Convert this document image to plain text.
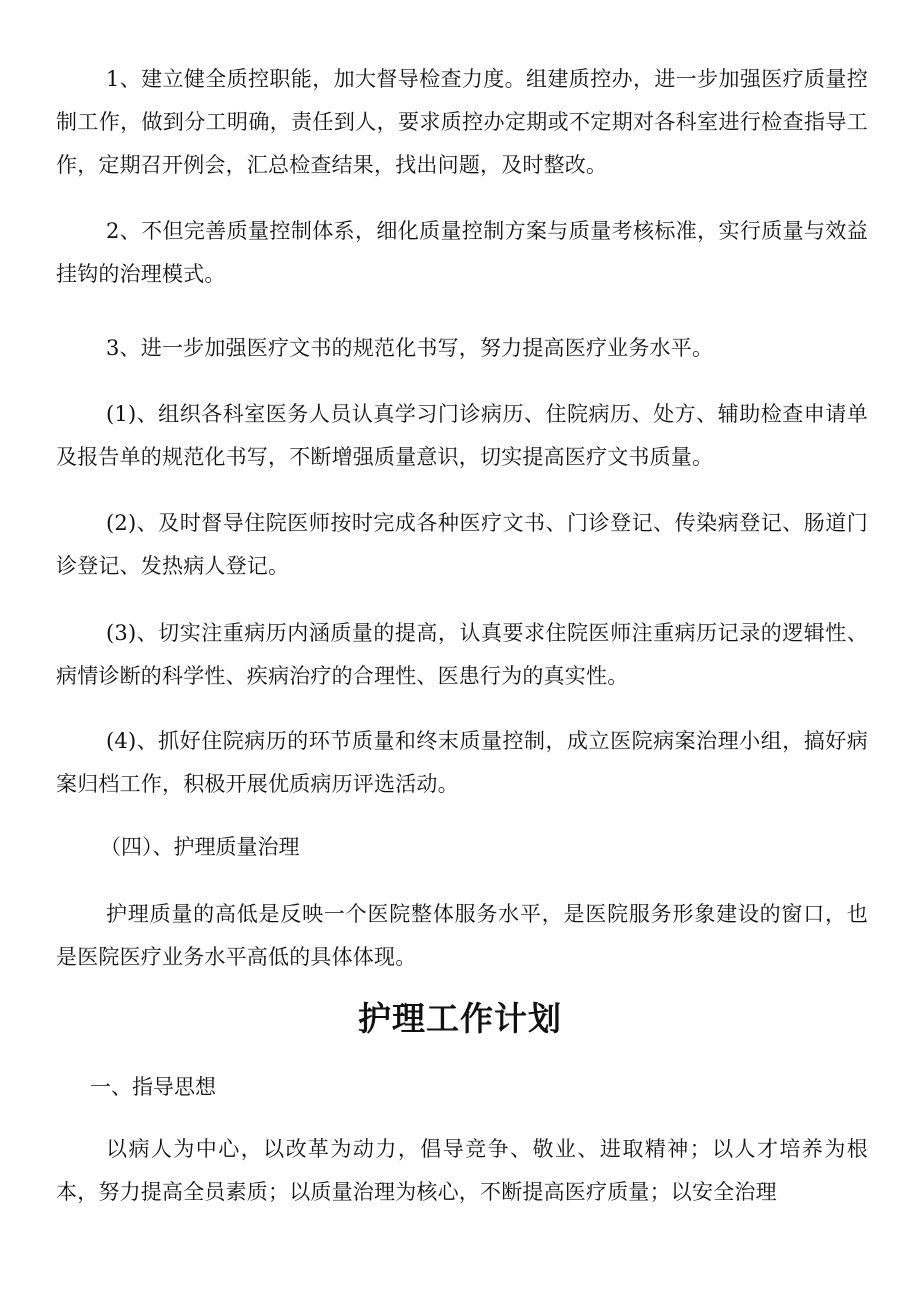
1、建立健全质控职能，加大督导检查力度。组建质控办，进一步加强医疗质量控制工作，做到分工明确，责任到人，要求质控办定期或不定期对各科室进行检查指导工作，定期召开例会，汇总检查结果，找出问题，及时整改。

2、不但完善质量控制体系，细化质量控制方案与质量考核标准，实行质量与效益挂钩的治理模式。

3、进一步加强医疗文书的规范化书写，努力提高医疗业务水平。

(1)、组织各科室医务人员认真学习门诊病历、住院病历、处方、辅助检查申请单及报告单的规范化书写，不断增强质量意识，切实提高医疗文书质量。

(2)、及时督导住院医师按时完成各种医疗文书、门诊登记、传染病登记、肠道门诊登记、发热病人登记。

(3)、切实注重病历内涵质量的提高，认真要求住院医师注重病历记录的逻辑性、病情诊断的科学性、疾病治疗的合理性、医患行为的真实性。

(4)、抓好住院病历的环节质量和终末质量控制，成立医院病案治理小组，搞好病案归档工作，积极开展优质病历评选活动。

（四）、护理质量治理

护理质量的高低是反映一个医院整体服务水平，是医院服务形象建设的窗口，也是医院医疗业务水平高低的具体体现。

护理工作计划

一、指导思想

以病人为中心，以改革为动力，倡导竞争、敬业、进取精神；以人才培养为根本，努力提高全员素质；以质量治理为核心，不断提高医疗质量；以安全治理
